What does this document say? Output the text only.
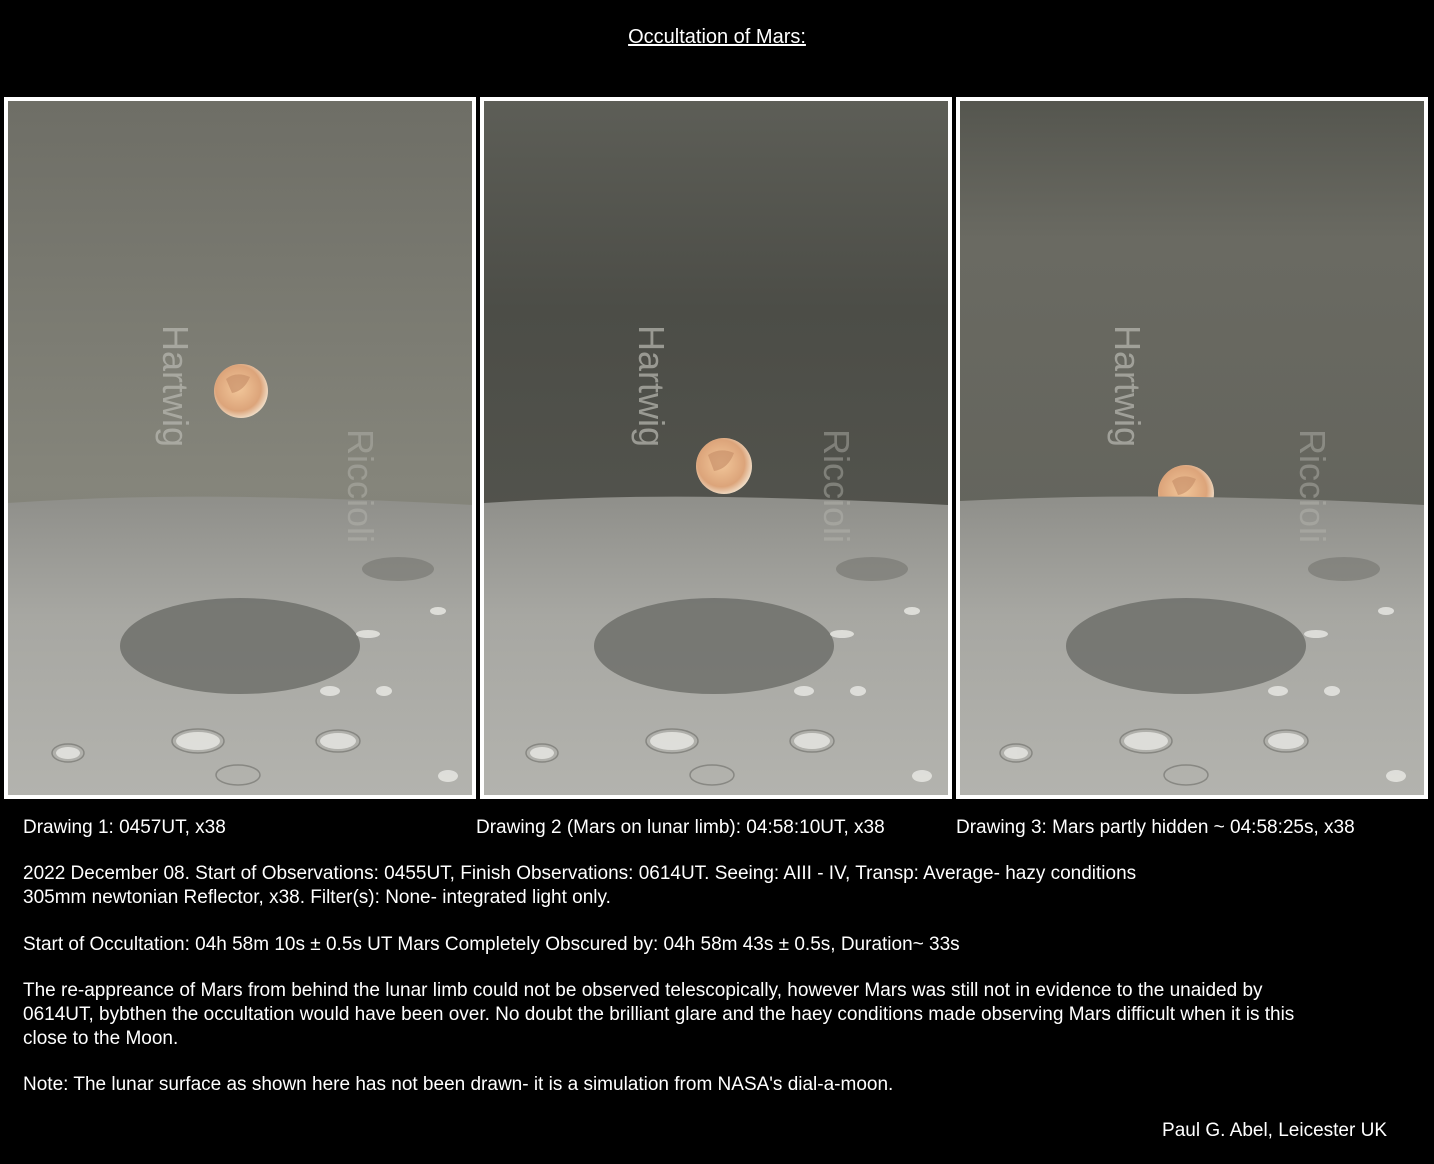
Occultation of Mars:
Hartwig
Riccioli
Hartwig
Riccioli
Hartwig
Riccioli
Drawing 1: 0457UT, x38	Drawing 2 (Mars on lunar limb): 04:58:10UT, x38	Drawing 3: Mars partly hidden ~ 04:58:25s, x38
2022 December 08. Start of Observations: 0455UT, Finish Observations: 0614UT. Seeing: AIII - IV, Transp: Average- hazy conditions
305mm newtonian Reflector, x38. Filter(s): None- integrated light only.
Start of Occultation: 04h 58m 10s ± 0.5s UT Mars Completely Obscured by: 04h 58m 43s ± 0.5s, Duration~ 33s
The re-appreance of Mars from behind the lunar limb could not be observed telescopically, however Mars was still not in evidence to the unaided by
0614UT, bybthen the occultation would have been over. No doubt the brilliant glare and the haey conditions made observing Mars difficult when it is this
close to the Moon.
Note: The lunar surface as shown here has not been drawn- it is a simulation from NASA's dial-a-moon.
Paul G. Abel, Leicester UK
